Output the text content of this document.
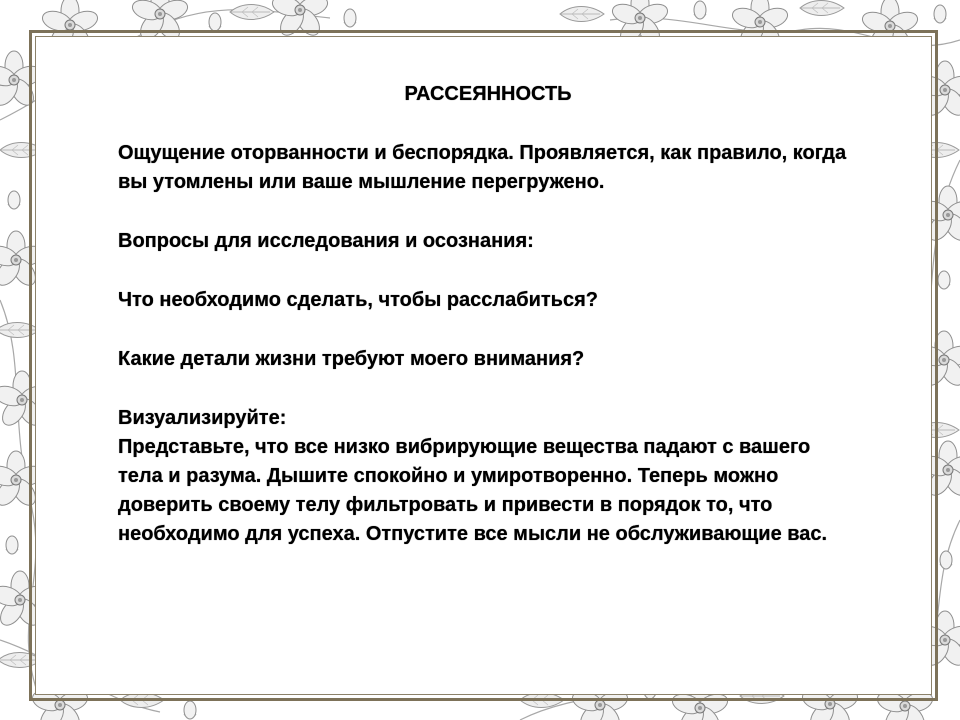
РАССЕЯННОСТЬ
Ощущение оторванности и беспорядка. Проявляется, как правило, когда вы утомлены или ваше мышление перегружено.
Вопросы для исследования и осознания:
Что необходимо сделать, чтобы расслабиться?
Какие детали жизни требуют моего внимания?
Визуализируйте:
Представьте, что все низко вибрирующие вещества падают с вашего тела и разума. Дышите спокойно и умиротворенно. Теперь можно доверить своему телу фильтровать и привести в порядок то, что необходимо для успеха. Отпустите все мысли не обслуживающие вас.
